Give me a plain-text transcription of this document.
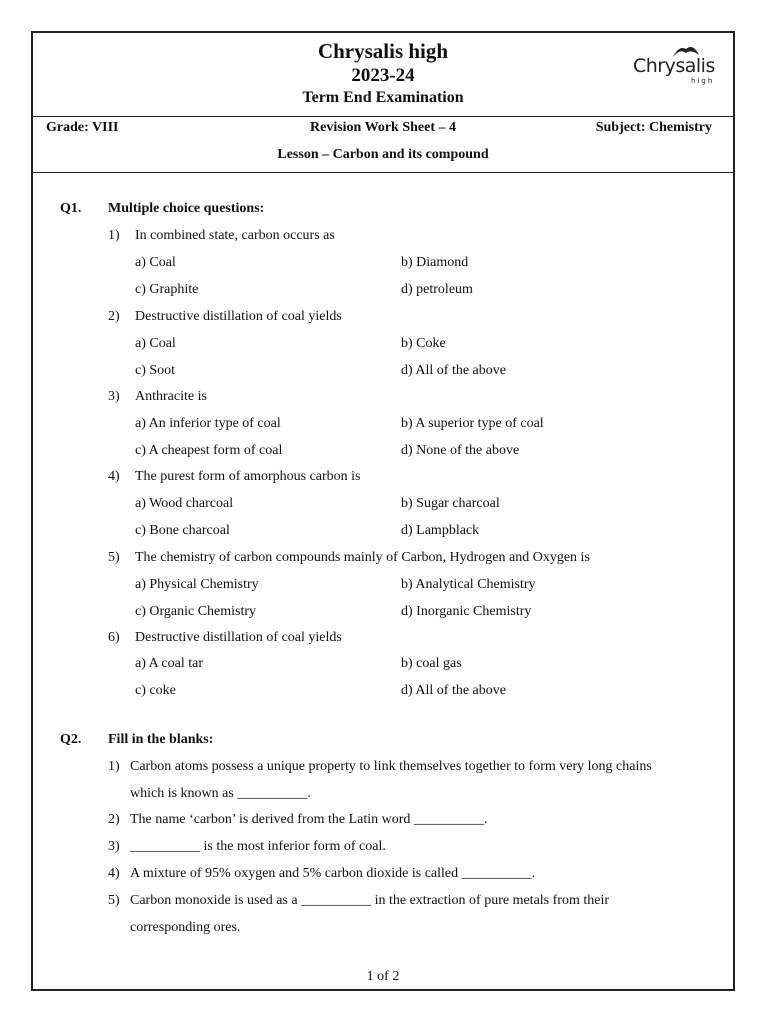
Chrysalis high
2023-24
Term End Examination
Chrysalis
high
Grade: VIII	Revision Work Sheet – 4	Subject: Chemistry
Lesson – Carbon and its compound
Q1. Multiple choice questions:
1) In combined state, carbon occurs as
a) Coal	b) Diamond
c) Graphite	d) petroleum
2) Destructive distillation of coal yields
a) Coal	b) Coke
c) Soot	d) All of the above
3) Anthracite is
a) An inferior type of coal	b) A superior type of coal
c) A cheapest form of coal	d) None of the above
4) The purest form of amorphous carbon is
a) Wood charcoal	b) Sugar charcoal
c) Bone charcoal	d) Lampblack
5) The chemistry of carbon compounds mainly of Carbon, Hydrogen and Oxygen is
a) Physical Chemistry	b) Analytical Chemistry
c) Organic Chemistry	d) Inorganic Chemistry
6) Destructive distillation of coal yields
a) A coal tar	b) coal gas
c) coke	d) All of the above
Q2. Fill in the blanks:
1) Carbon atoms possess a unique property to link themselves together to form very long chains
which is known as __________.
2) The name ‘carbon’ is derived from the Latin word __________.
3) __________ is the most inferior form of coal.
4) A mixture of 95% oxygen and 5% carbon dioxide is called __________.
5) Carbon monoxide is used as a __________ in the extraction of pure metals from their
corresponding ores.
1 of 2
